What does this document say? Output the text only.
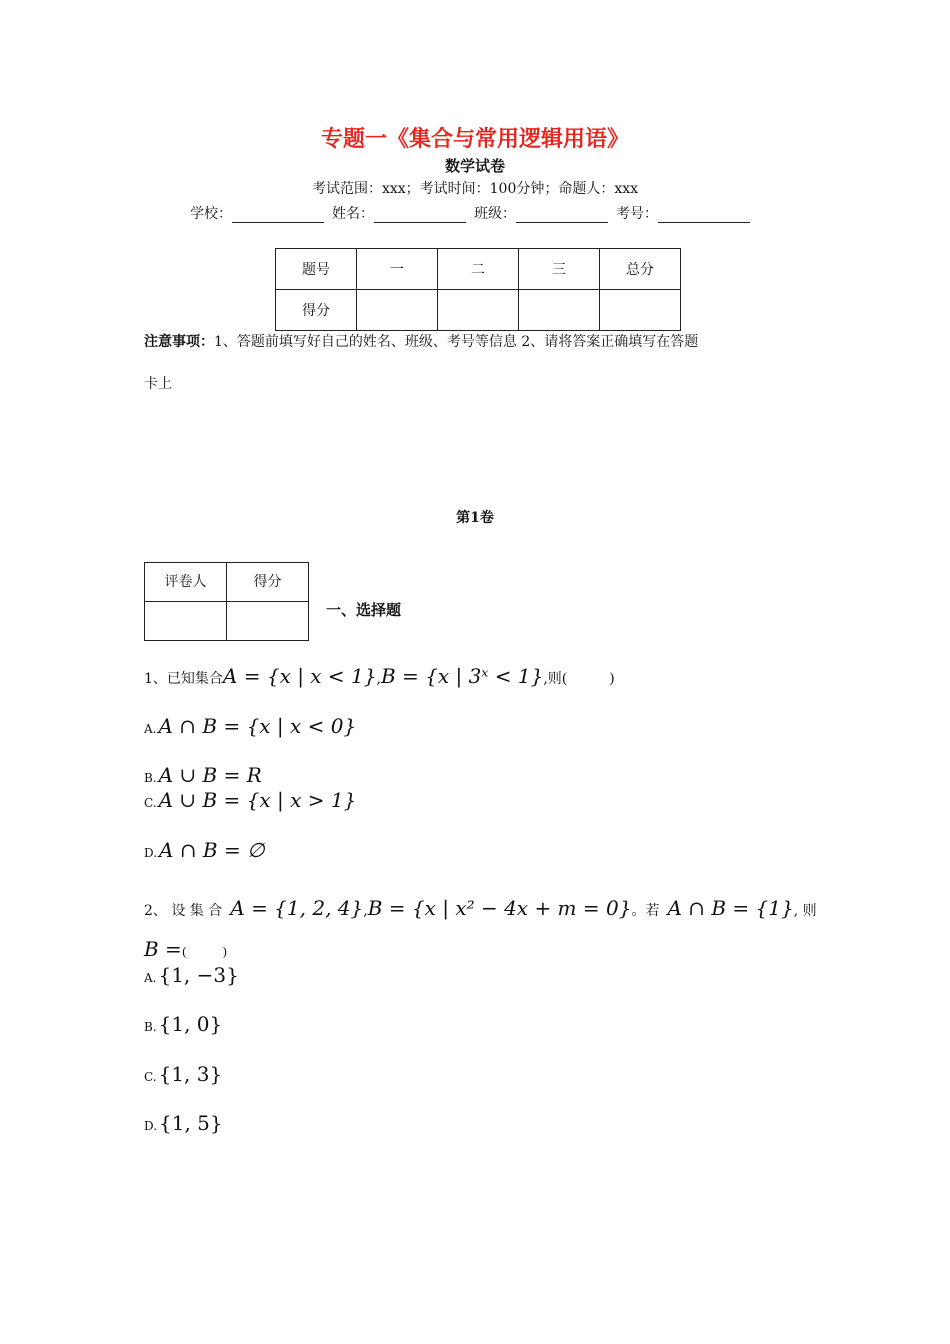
专题一《集合与常用逻辑用语》
数学试卷
考试范围：xxx；考试时间：100分钟；命题人：xxx
学校：	姓名：	班级：	考号：
题号	一	二	三	总分
得分				
注意事项：1、答题前填写好自己的姓名、班级、考号等信息 2、请将答案正确填写在答题
卡上
第1卷
评卷人	得分

一、选择题
1、已知集合 A = {x | x < 1} , B = {x | 3ˣ < 1} ,则(　　　)
A. A ∩ B = {x | x < 0}
B. A ∪ B = R
C. A ∪ B = {x | x > 1}
D. A ∩ B = ∅
2、 设 集 合 A = {1, 2, 4} , B = {x | x² − 4x + m = 0} 。若 A ∩ B = {1} , 则
B = (　　　)
A. {1, −3}
B. {1, 0}
C. {1, 3}
D. {1, 5}
